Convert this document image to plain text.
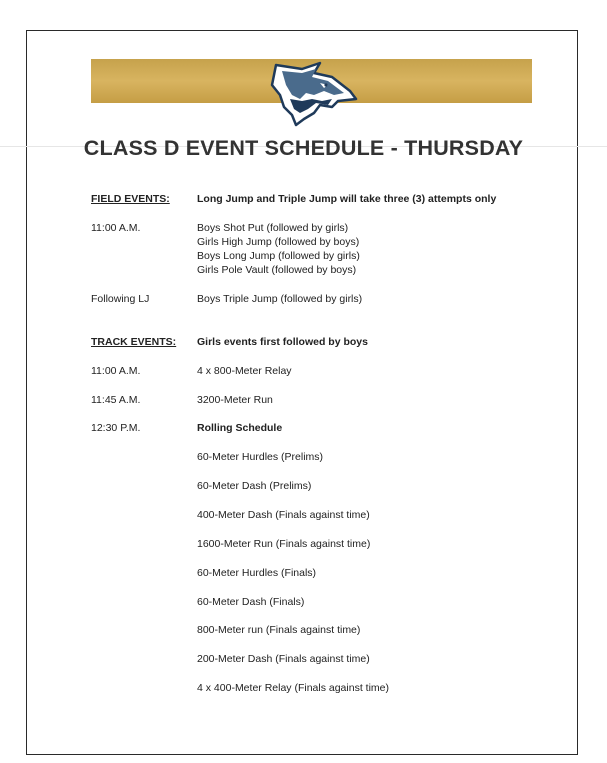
CLASS D EVENT SCHEDULE - THURSDAY
FIELD EVENTS:	Long Jump and Triple Jump will take three (3) attempts only
11:00 A.M.	Boys Shot Put (followed by girls)
Girls High Jump (followed by boys)
Boys Long Jump (followed by girls)
Girls Pole Vault (followed by boys)
Following LJ	Boys Triple Jump (followed by girls)
TRACK EVENTS:	Girls events first followed by boys
11:00 A.M.	4 x 800-Meter Relay
11:45 A.M.	3200-Meter Run
12:30 P.M.	Rolling Schedule
60-Meter Hurdles (Prelims)
60-Meter Dash (Prelims)
400-Meter Dash (Finals against time)
1600-Meter Run (Finals against time)
60-Meter Hurdles (Finals)
60-Meter Dash (Finals)
800-Meter run (Finals against time)
200-Meter Dash (Finals against time)
4 x 400-Meter Relay (Finals against time)
